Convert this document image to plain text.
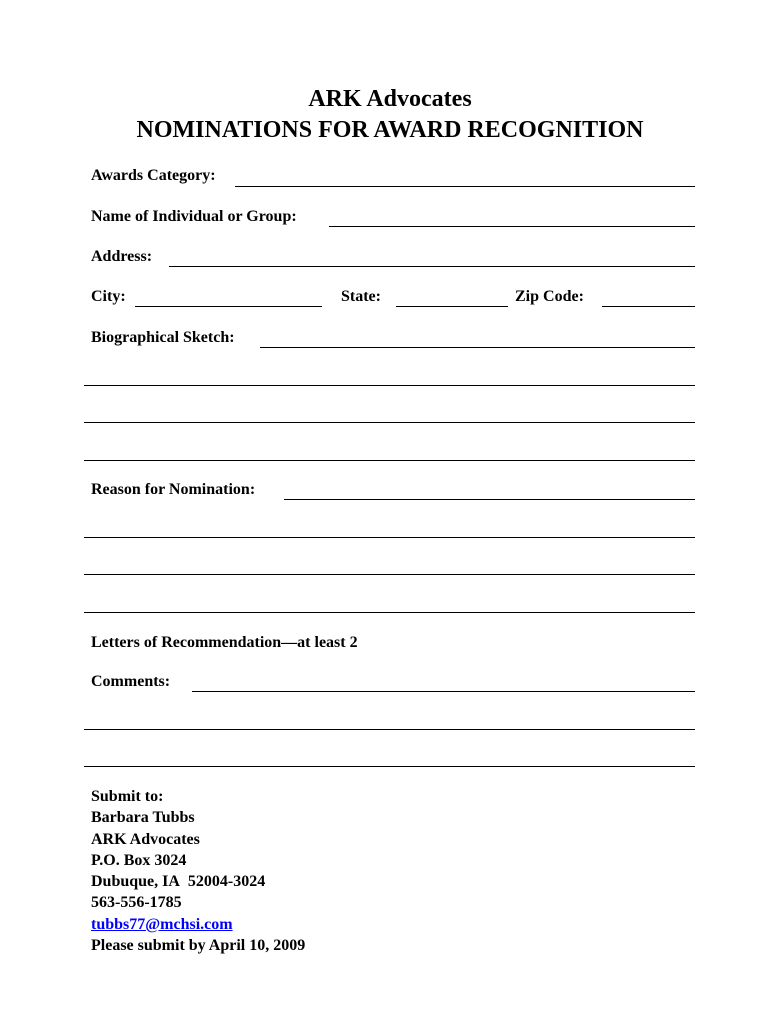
ARK Advocates
NOMINATIONS FOR AWARD RECOGNITION
Awards Category:
Name of Individual or Group:
Address:
City:	State:	Zip Code:
Biographical Sketch:
Reason for Nomination:
Letters of Recommendation—at least 2
Comments:
Submit to:
Barbara Tubbs
ARK Advocates
P.O. Box 3024
Dubuque, IA  52004-3024
563-556-1785
tubbs77@mchsi.com
Please submit by April 10, 2009
